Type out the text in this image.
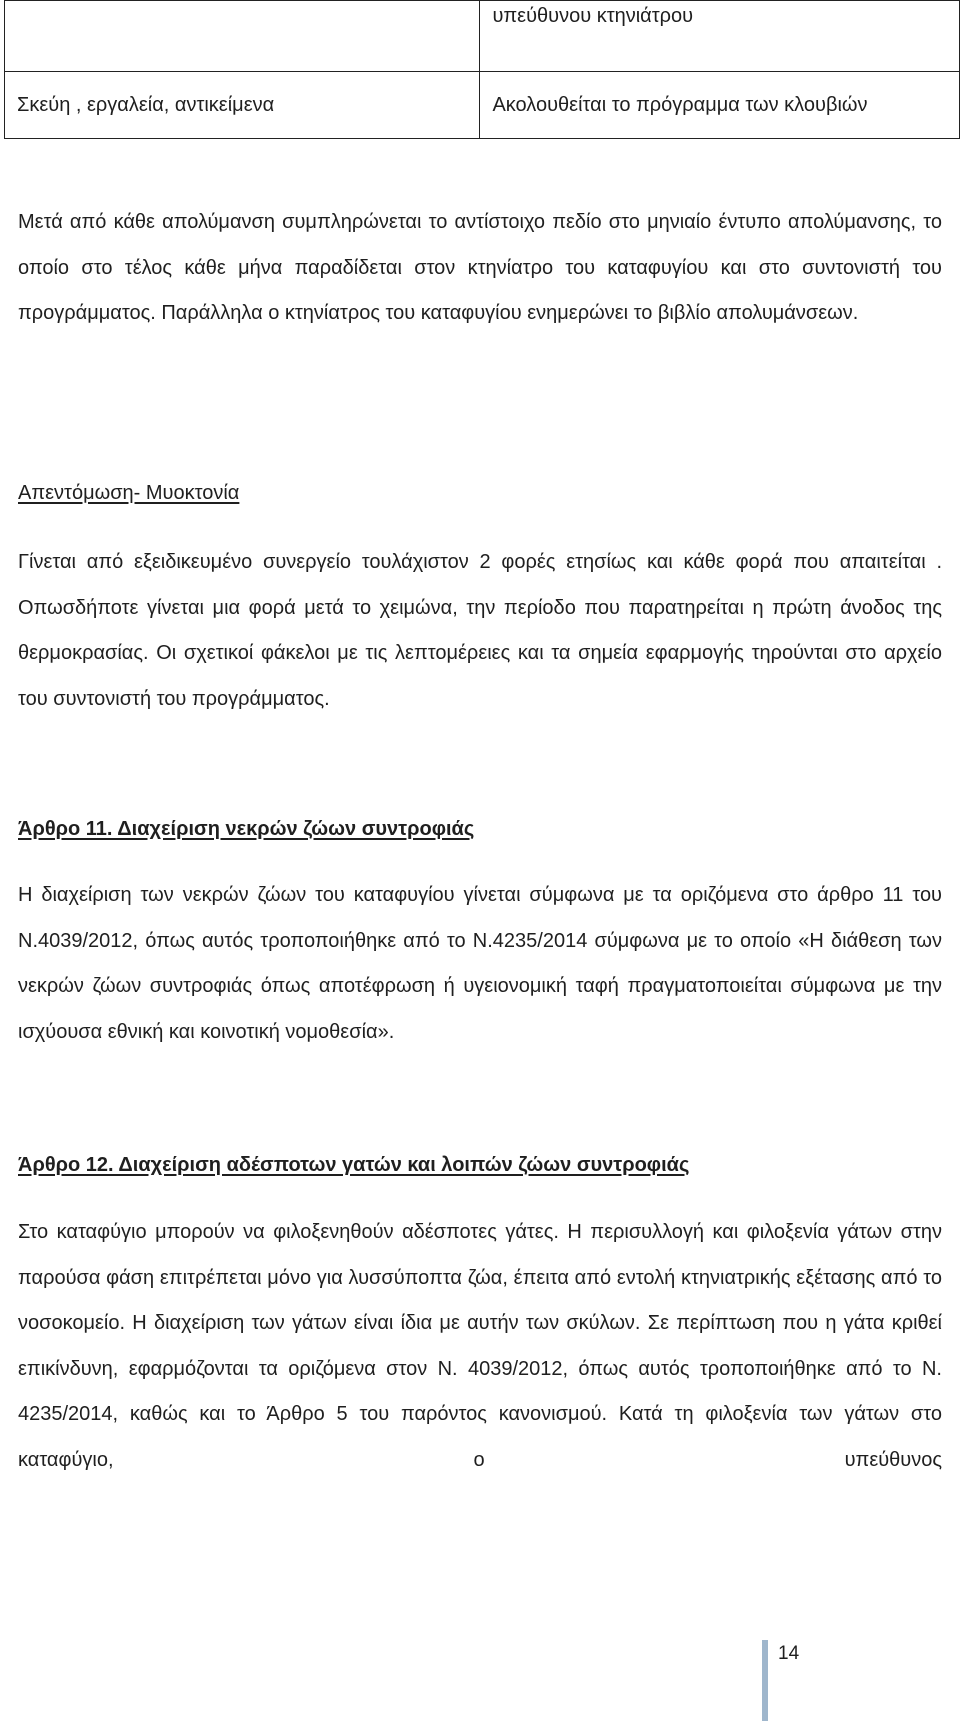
	υπεύθυνου κτηνιάτρου
Σκεύη , εργαλεία, αντικείμενα	Ακολουθείται το πρόγραμμα των κλουβιών

Μετά από κάθε απολύμανση συμπληρώνεται το αντίστοιχο πεδίο στο μηνιαίο έντυπο απολύμανσης, το οποίο στο τέλος κάθε μήνα παραδίδεται στον κτηνίατρο του καταφυγίου και στο συντονιστή του προγράμματος. Παράλληλα ο κτηνίατρος του καταφυγίου ενημερώνει το βιβλίο απολυμάνσεων.

Απεντόμωση- Μυοκτονία

Γίνεται από εξειδικευμένο συνεργείο τουλάχιστον 2 φορές ετησίως και κάθε φορά που απαιτείται . Οπωσδήποτε γίνεται μια φορά μετά το χειμώνα, την περίοδο που παρατηρείται η πρώτη άνοδος της θερμοκρασίας. Οι σχετικοί φάκελοι με τις λεπτομέρειες και τα σημεία εφαρμογής τηρούνται στο αρχείο του συντονιστή του προγράμματος.

Άρθρο 11. Διαχείριση νεκρών ζώων συντροφιάς

Η διαχείριση των νεκρών ζώων του καταφυγίου γίνεται σύμφωνα με τα οριζόμενα στο άρθρο 11 του Ν.4039/2012, όπως αυτός τροποποιήθηκε από το Ν.4235/2014 σύμφωνα με το οποίο «Η διάθεση των νεκρών ζώων συντροφιάς όπως αποτέφρωση ή υγειονομική ταφή πραγματοποιείται σύμφωνα με την ισχύουσα εθνική και κοινοτική νομοθεσία».

Άρθρο 12. Διαχείριση αδέσποτων γατών και λοιπών ζώων συντροφιάς

Στο καταφύγιο μπορούν να φιλοξενηθούν αδέσποτες γάτες. Η περισυλλογή και φιλοξενία γάτων στην παρούσα φάση επιτρέπεται μόνο για λυσσύποπτα ζώα, έπειτα από εντολή κτηνιατρικής εξέτασης από το νοσοκομείο. Η διαχείριση των γάτων είναι ίδια με αυτήν των σκύλων. Σε περίπτωση που η γάτα κριθεί επικίνδυνη, εφαρμόζονται τα οριζόμενα στον Ν. 4039/2012, όπως αυτός τροποποιήθηκε από το Ν. 4235/2014, καθώς και το Άρθρο 5 του παρόντος κανονισμού. Κατά τη φιλοξενία των γάτων στο καταφύγιο, ο υπεύθυνος

14
